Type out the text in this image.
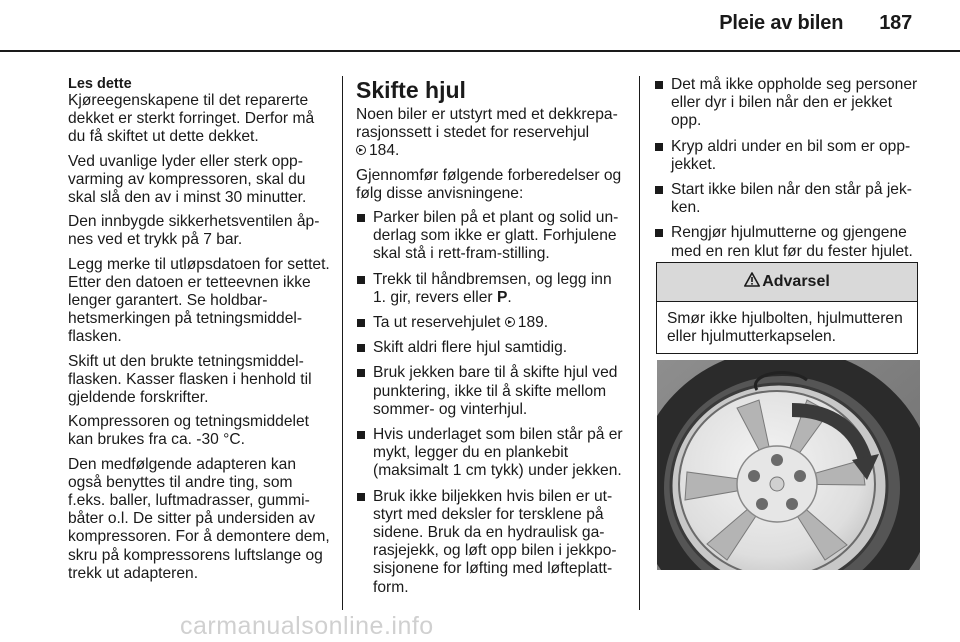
Pleie av bilen 187

Les dette

Kjøreegenskapene til det reparerte dekket er sterkt forringet. Derfor må du få skiftet ut dette dekket.

Ved uvanlige lyder eller sterk oppvarming av kompressoren, skal du skal slå den av i minst 30 minutter.

Den innbygde sikkerhetsventilen åpnes ved et trykk på 7 bar.

Legg merke til utløpsdatoen for settet. Etter den datoen er tetteevnen ikke lenger garantert. Se holdbarhetsmerkingen på tetningsmiddelflasken.

Skift ut den brukte tetningsmiddelflasken. Kasser flasken i henhold til gjeldende forskrifter.

Kompressoren og tetningsmiddelet kan brukes fra ca. -30 °C.

Den medfølgende adapteren kan også benyttes til andre ting, som f.eks. baller, luftmadrasser, gummibåter o.l. De sitter på undersiden av kompressoren. For å demontere dem, skru på kompressorens luftslange og trekk ut adapteren.

Skifte hjul

Noen biler er utstyrt med et dekkreparasjonssett i stedet for reservehjul
184.

Gjennomfør følgende forberedelser og følg disse anvisningene:

Parker bilen på et plant og solid underlag som ikke er glatt. Forhjulene skal stå i rett-fram-stilling.
Trekk til håndbremsen, og legg inn 1. gir, revers eller P.
Ta ut reservehjulet 189.
Skift aldri flere hjul samtidig.
Bruk jekken bare til å skifte hjul ved punktering, ikke til å skifte mellom sommer- og vinterhjul.
Hvis underlaget som bilen står på er mykt, legger du en plankebit (maksimalt 1 cm tykk) under jekken.
Bruk ikke biljekken hvis bilen er utstyrt med deksler for tersklene på sidene. Bruk da en hydraulisk garasjejekk, og løft opp bilen i jekkposisjonene for løfting med løfteplattform.
Det må ikke oppholde seg personer eller dyr i bilen når den er jekket opp.
Kryp aldri under en bil som er oppjekket.
Start ikke bilen når den står på jekken.
Rengjør hjulmutterne og gjengene med en ren klut før du fester hjulet.
Advarsel
Smør ikke hjulbolten, hjulmutteren eller hjulmutterkapselen.
carmanualsonline.info
